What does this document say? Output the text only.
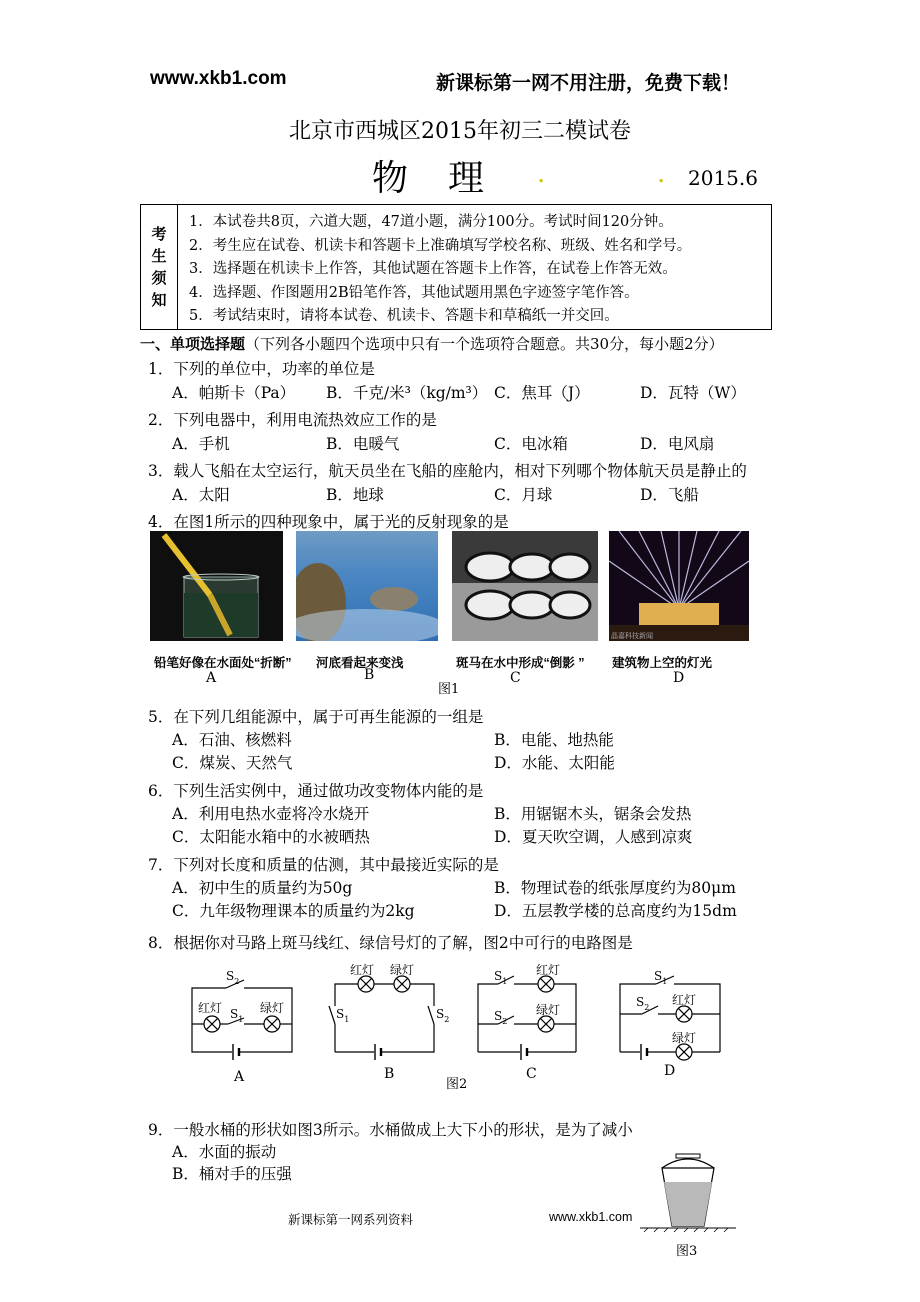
www.xkb1.com	新课标第一网不用注册，免费下载！
北京市西城区2015年初三二模试卷
物理 .	. 2015.6
考
生
须
知
1．本试卷共8页，六道大题，47道小题，满分100分。考试时间120分钟。
2．考生应在试卷、机读卡和答题卡上准确填写学校名称、班级、姓名和学号。
3．选择题在机读卡上作答，其他试题在答题卡上作答，在试卷上作答无效。
4．选择题、作图题用2B铅笔作答，其他试题用黑色字迹签字笔作答。
5．考试结束时，请将本试卷、机读卡、答题卡和草稿纸一并交回。
一、单项选择题（下列各小题四个选项中只有一个选项符合题意。共30分，每小题2分）
1．下列的单位中，功率的单位是
A．帕斯卡（Pa） B．千克/米³（kg/m³） C．焦耳（J）	D．瓦特（W）
2．下列电器中，利用电流热效应工作的是
A．手机	B．电暖气	C．电冰箱	D．电风扇
3．载人飞船在太空运行，航天员坐在飞船的座舱内，相对下列哪个物体航天员是静止的
A．太阳	B．地球	C．月球	D．飞船
4．在图1所示的四种现象中，属于光的反射现象的是
晶嘉科技新闻
铅笔好像在水面处“折断” 河底看起来变浅	斑马在水中形成“倒影 ” 建筑物上空的灯光
A	B	C	D
图1
5．在下列几组能源中，属于可再生能源的一组是
A．石油、核燃料	B．电能、地热能
C．煤炭、天然气	D．水能、太阳能
6．下列生活实例中，通过做功改变物体内能的是
A．利用电热水壶将冷水烧开	B．用锯锯木头，锯条会发热
C．太阳能水箱中的水被晒热	D．夏天吹空调，人感到凉爽
7．下列对长度和质量的估测，其中最接近实际的是
A．初中生的质量约为50g	B．物理试卷的纸张厚度约为80μm
C．九年级物理课本的质量约为2kg	D．五层教学楼的总高度约为15dm
8．根据你对马路上斑马线红、绿信号灯的了解，图2中可行的电路图是
$S_2$
$S_1$
红灯	绿灯
红灯 绿灯
$S_1$	$S_2$
$S_1$
红灯
$S_2$
绿灯
$S_1$
$S_2$
红灯
绿灯
A	B	C	D
图2
9．一般水桶的形状如图3所示。水桶做成上大下小的形状，是为了减小
A．水面的振动
B．桶对手的压强
图3
新课标第一网系列资料	www.xkb1.com
